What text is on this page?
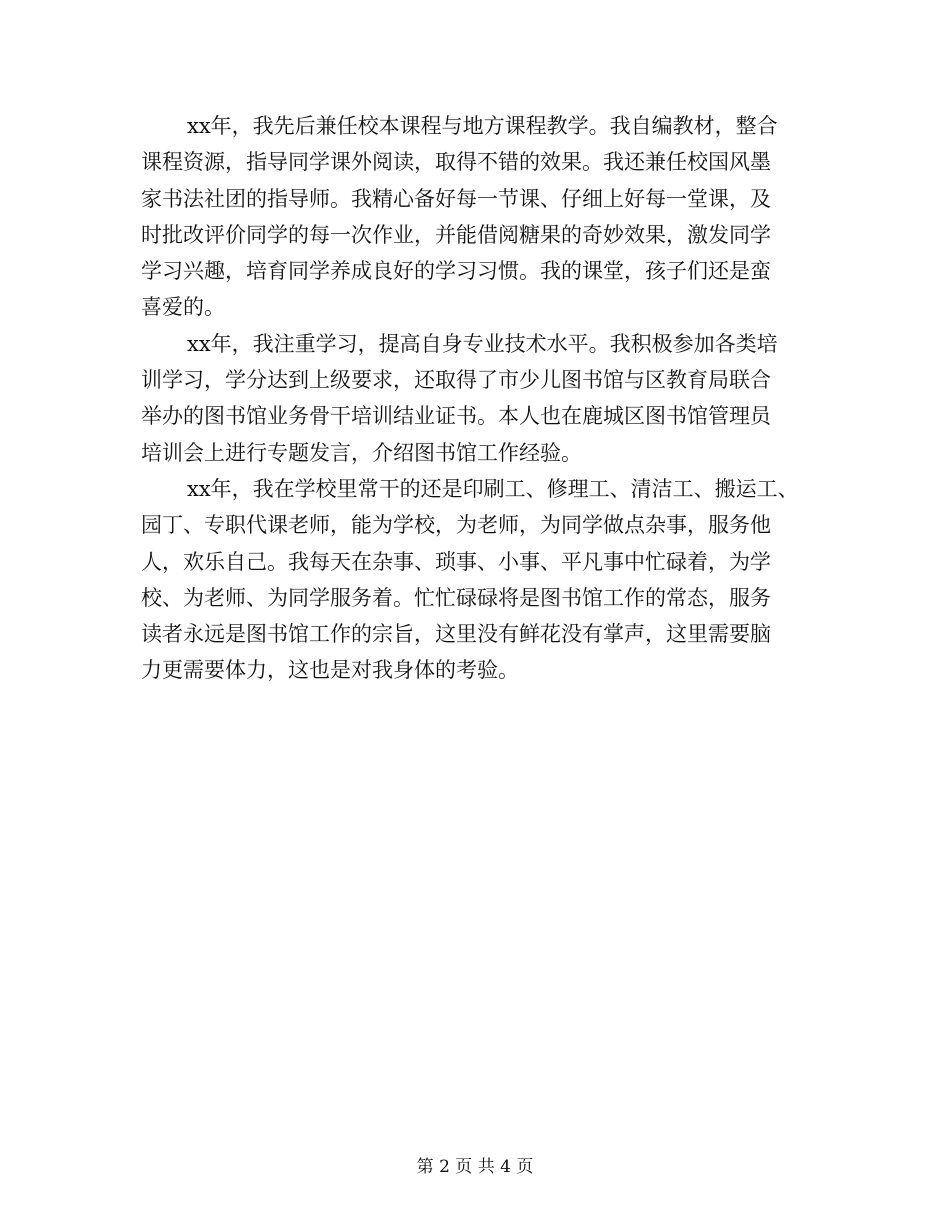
xx年，我先后兼任校本课程与地方课程教学。我自编教材，整合
课程资源，指导同学课外阅读，取得不错的效果。我还兼任校国风墨
家书法社团的指导师。我精心备好每一节课、仔细上好每一堂课，及
时批改评价同学的每一次作业，并能借阅糖果的奇妙效果，激发同学
学习兴趣，培育同学养成良好的学习习惯。我的课堂，孩子们还是蛮
喜爱的。
xx年，我注重学习，提高自身专业技术水平。我积极参加各类培
训学习，学分达到上级要求，还取得了市少儿图书馆与区教育局联合
举办的图书馆业务骨干培训结业证书。本人也在鹿城区图书馆管理员
培训会上进行专题发言，介绍图书馆工作经验。
xx年，我在学校里常干的还是印刷工、修理工、清洁工、搬运工、
园丁、专职代课老师，能为学校，为老师，为同学做点杂事，服务他
人，欢乐自己。我每天在杂事、琐事、小事、平凡事中忙碌着，为学
校、为老师、为同学服务着。忙忙碌碌将是图书馆工作的常态，服务
读者永远是图书馆工作的宗旨，这里没有鲜花没有掌声，这里需要脑
力更需要体力，这也是对我身体的考验。
第 2 页 共 4 页
